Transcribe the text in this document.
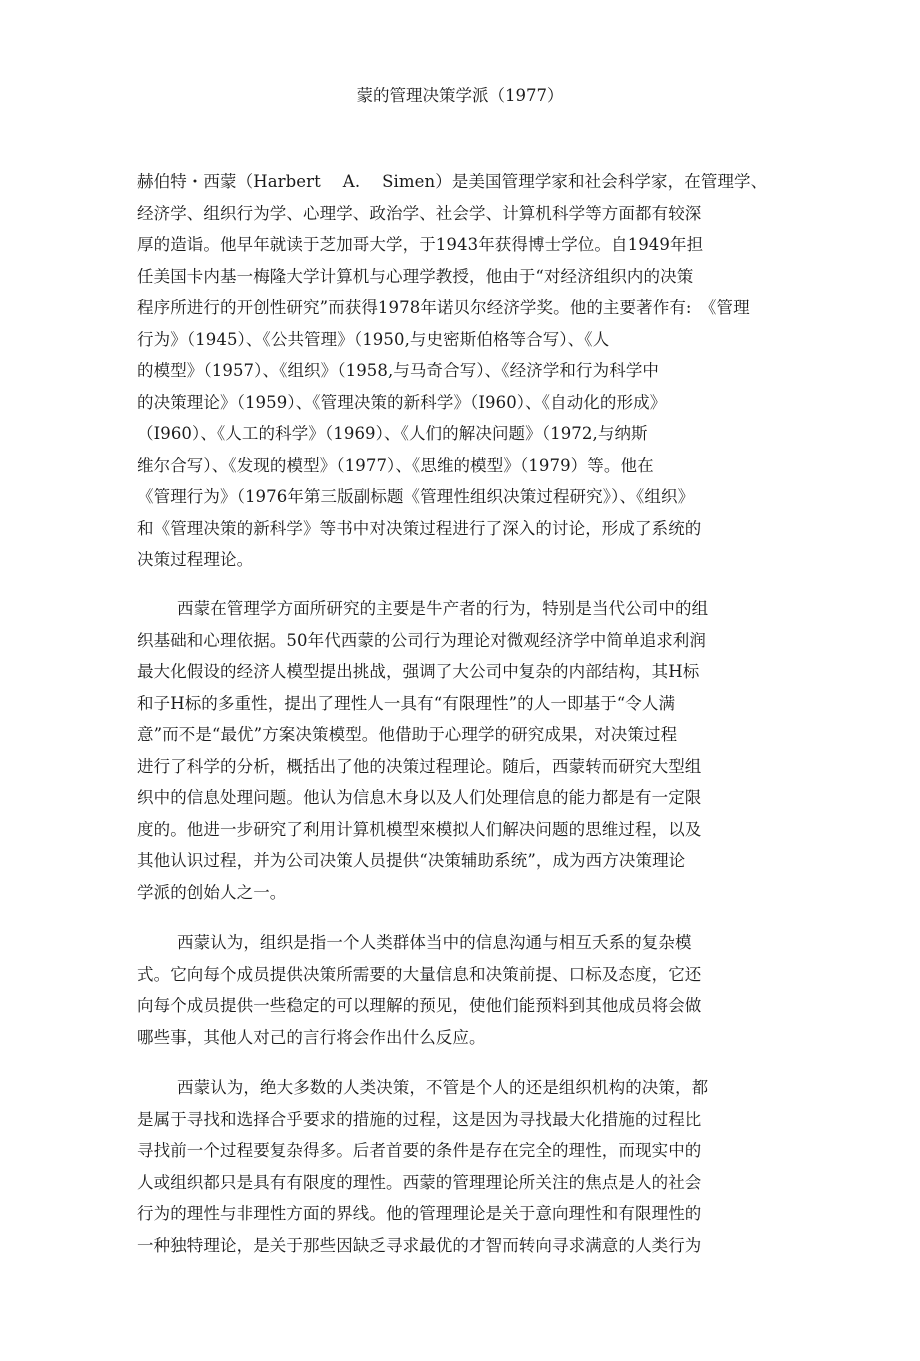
蒙的管理决策学派（1977）
赫伯特・西蒙（Harbert　 A.　 Simen）是美国管理学家和社会科学家，在管理学、
经济学、组织行为学、心理学、政治学、社会学、计算机科学等方面都有较深
厚的造诣。他早年就读于芝加哥大学，于1943年获得博士学位。自1949年担
任美国卡内基一梅隆大学计算机与心理学教授，他由于“对经济组织内的决策
程序所进行的开创性研究”而获得1978年诺贝尔经济学奖。他的主要著作有:　《管理
行为》（1945）、《公共管理》（1950,与史密斯伯格等合写）、《人
的模型》（1957）、《组织》（1958,与马奇合写）、《经济学和行为科学中
的决策理论》（1959）、《管理决策的新科学》（I960）、《自动化的形成》
（I960）、《人工的科学》（1969）、《人们的解决问题》（1972,与纳斯
维尔合写）、《发现的模型》（1977）、《思维的模型》（1979）等。他在
《管理行为》（1976年第三版副标题《管理性组织决策过程研究》）、《组织》
和《管理决策的新科学》等书中对决策过程进行了深入的讨论，形成了系统的
决策过程理论。
西蒙在管理学方面所研究的主要是牛产者的行为，特别是当代公司中的组
织基础和心理依据。50年代西蒙的公司行为理论对微观经济学中简单追求利润
最大化假设的经济人模型提出挑战，强调了大公司中复杂的内部结构，其H标
和子H标的多重性，提出了理性人一具有“有限理性”的人一即基于“令人满
意”而不是“最优”方案决策模型。他借助于心理学的研究成果，对决策过程
进行了科学的分析，概括出了他的决策过程理论。随后，西蒙转而研究大型组
织中的信息处理问题。他认为信息木身以及人们处理信息的能力都是有一定限
度的。他进一步研究了利用计算机模型來模拟人们解决问题的思维过程，以及
其他认识过程，并为公司决策人员提供“决策辅助系统”，成为西方决策理论
学派的创始人之一。
西蒙认为，组织是指一个人类群体当中的信息沟通与相互夭系的复杂模
式。它向每个成员提供决策所需要的大量信息和决策前提、口标及态度，它还
向每个成员提供一些稳定的可以理解的预见，使他们能预料到其他成员将会做
哪些事，其他人对己的言行将会作出什么反应。
西蒙认为，绝大多数的人类决策，不管是个人的还是组织机构的决策，都
是属于寻找和选择合乎要求的措施的过程，这是因为寻找最大化措施的过程比
寻找前一个过程要复杂得多。后者首要的条件是存在完全的理性，而现实中的
人或组织都只是具有有限度的理性。西蒙的管理理论所关注的焦点是人的社会
行为的理性与非理性方面的界线。他的管理理论是关于意向理性和有限理性的
一种独特理论，是关于那些因缺乏寻求最优的才智而转向寻求满意的人类行为
